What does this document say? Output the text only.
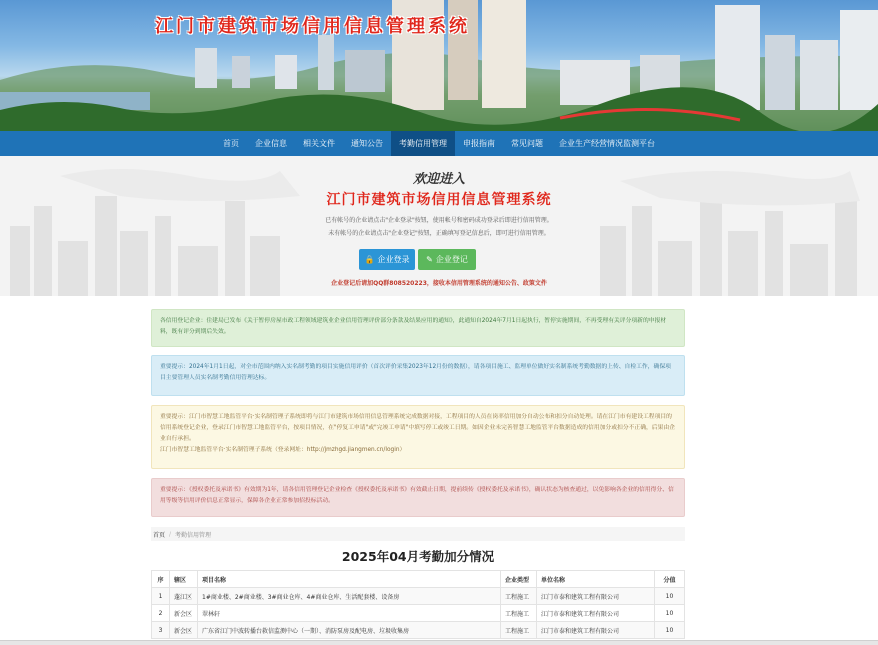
江门市建筑市场信用信息管理系统
首页	企业信息	相关文件	通知公告	考勤信用管理	申报指南	常见问题	企业生产经营情况监测平台
欢迎进入
江门市建筑市场信用信息管理系统
已有帐号的企业请点击"企业登录"按钮，使用帐号和密码成功登录后即进行信用管理。
未有帐号的企业请点击"企业登记"按钮，正确填写登记信息后，即可进行信用管理。
🔒 企业登录 ✎ 企业登记
企业登记后请加QQ群808520223，接收本信用管理系统的通知公告、政策文件
各信用登记企业：住建局已发布《关于暂停房屋市政工程领域建筑业企业信用管理评价部分条款及结果应用的通知》，此通知自2024年7月1日起执行，暂停实施期间，不再受理有关评分项新的申报材料，既有评分到期后失效。
重要提示：2024年1月1日起，对全市范围内纳入实名制考勤的项目实施信用评价（首次评价采集2023年12月份的数据），请各项目施工、监理单位做好实名制系统考勤数据的上传、自检工作，确保项目主要管理人员实名制考勤信用管理达标。
重要提示：江门市智慧工地监管平台·实名制管理子系统即将与江门市建筑市场信用信息管理系统完成数据对接，工程项目的人员在岗率信用加分自动公布和扣分自动处理。请在江门市有建设工程项目的信用系统登记企业，登录江门市智慧工地监管平台，按项目情况，在"停复工申请"或"完竣工申请"中填写停工或竣工日期。如因企业未完善智慧工地监管平台数据造成的信用加分或扣分不正确，后果由企业自行承担。
江门市智慧工地监管平台·实名制管理子系统（登录网址：http://jmzhgd.jiangmen.cn/login）
重要提示：《授权委托及承诺书》有效期为1年，请各信用管理登记企业检查《授权委托及承诺书》有效截止日期，提前续传《授权委托及承诺书》，确认状态为核查通过，以免影响各企业的信用得分、信用等级等信用评价信息正常显示，保障各企业正常参加招投标活动。
首页 / 考勤信用管理
2025年04月考勤加分情况
序	辖区	项目名称	企业类型	单位名称	分值
1	蓬江区	1#商业楼、2#商业楼、3#商业仓库、4#商业仓库、生活配套楼、设备房	工程施工	江门市泰和建筑工程有限公司	10
2	新会区	翠林轩	工程施工	江门市泰和建筑工程有限公司	10
3	新会区	广东省江门中波转播台救信监测中心（一期）、消防泵房及配电房、垃圾收集房	工程施工	江门市泰和建筑工程有限公司	10
